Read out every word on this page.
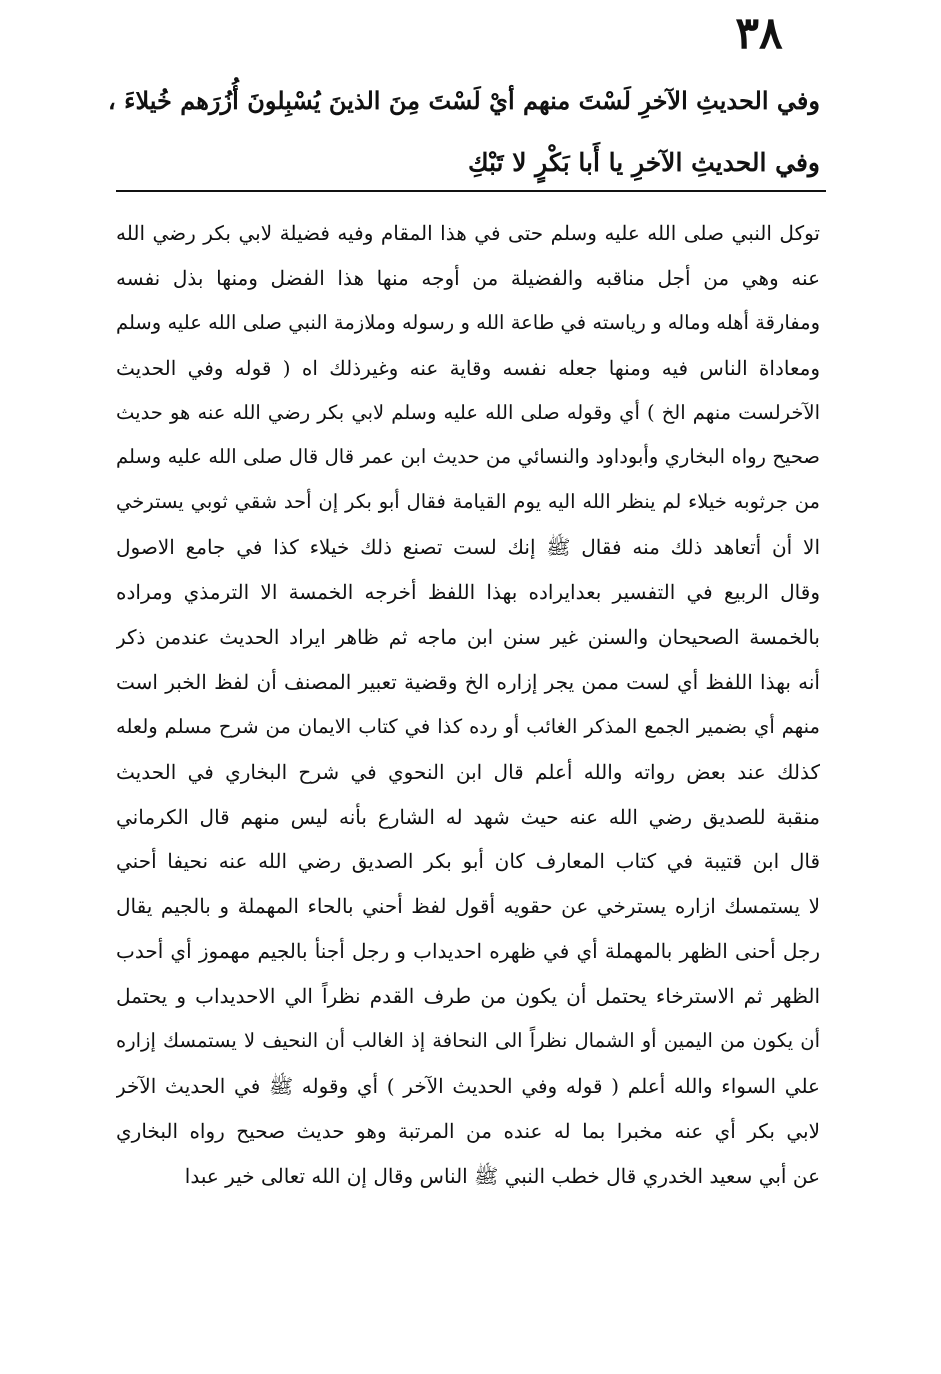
٣٨

وفي الحديثِ الآخرِ لَسْتَ منهم أيْ لَسْتَ مِنَ الذينَ يُسْبِلونَ أُزُرَهم خُيلاءَ ،

وفي الحديثِ الآخرِ يا أَبا بَكْرٍ لا تَبْكِ

توكل النبي صلى الله عليه وسلم حتى في هذا المقام وفيه فضيلة لابي بكر رضي الله
عنه وهي من أجل مناقبه والفضيلة من أوجه منها هذا الفضل ومنها بذل نفسه
ومفارقة أهله وماله و رياسته في طاعة الله و رسوله وملازمة النبي صلى الله عليه وسلم
ومعاداة الناس فيه ومنها جعله نفسه وقاية عنه وغيرذلك اه ( قوله وفي الحديث
الآخرلست منهم الخ ) أي وقوله صلى الله عليه وسلم لابي بكر رضي الله عنه هو حديث
صحيح رواه البخاري وأبوداود والنسائي من حديث ابن عمر قال قال صلى الله عليه وسلم
من جرثوبه خيلاء لم ينظر الله اليه يوم القيامة فقال أبو بكر إن أحد شقي ثوبي يسترخي
الا أن أتعاهد ذلك منه فقال ﷺ إنك لست تصنع ذلك خيلاء كذا في جامع الاصول
وقال الربيع في التفسير بعدايراده بهذا اللفظ أخرجه الخمسة الا الترمذي ومراده
بالخمسة الصحيحان والسنن غير سنن ابن ماجه ثم ظاهر ايراد الحديث عندمن ذكر
أنه بهذا اللفظ أي لست ممن يجر إزاره الخ وقضية تعبير المصنف أن لفظ الخبر است
منهم أي بضمير الجمع المذكر الغائب أو رده كذا في كتاب الايمان من شرح مسلم ولعله
كذلك عند بعض رواته والله أعلم قال ابن النحوي في شرح البخاري في الحديث
منقبة للصديق رضي الله عنه حيث شهد له الشارع بأنه ليس منهم قال الكرماني
قال ابن قتيبة في كتاب المعارف كان أبو بكر الصديق رضي الله عنه نحيفا أحني
لا يستمسك ازاره يسترخي عن حقويه أقول لفظ أحني بالحاء المهملة و بالجيم يقال
رجل أحنى الظهر بالمهملة أي في ظهره احديداب و رجل أجنأ بالجيم مهموز أي أحدب
الظهر ثم الاسترخاء يحتمل أن يكون من طرف القدم نظراً الي الاحديداب و يحتمل
أن يكون من اليمين أو الشمال نظراً الى النحافة إذ الغالب أن النحيف لا يستمسك إزاره
علي السواء والله أعلم ( قوله وفي الحديث الآخر ) أي وقوله ﷺ في الحديث الآخر
لابي بكر أي عنه مخبرا بما له عنده من المرتبة وهو حديث صحيح رواه البخاري
عن أبي سعيد الخدري قال خطب النبي ﷺ الناس وقال إن الله تعالى خير عبدا
